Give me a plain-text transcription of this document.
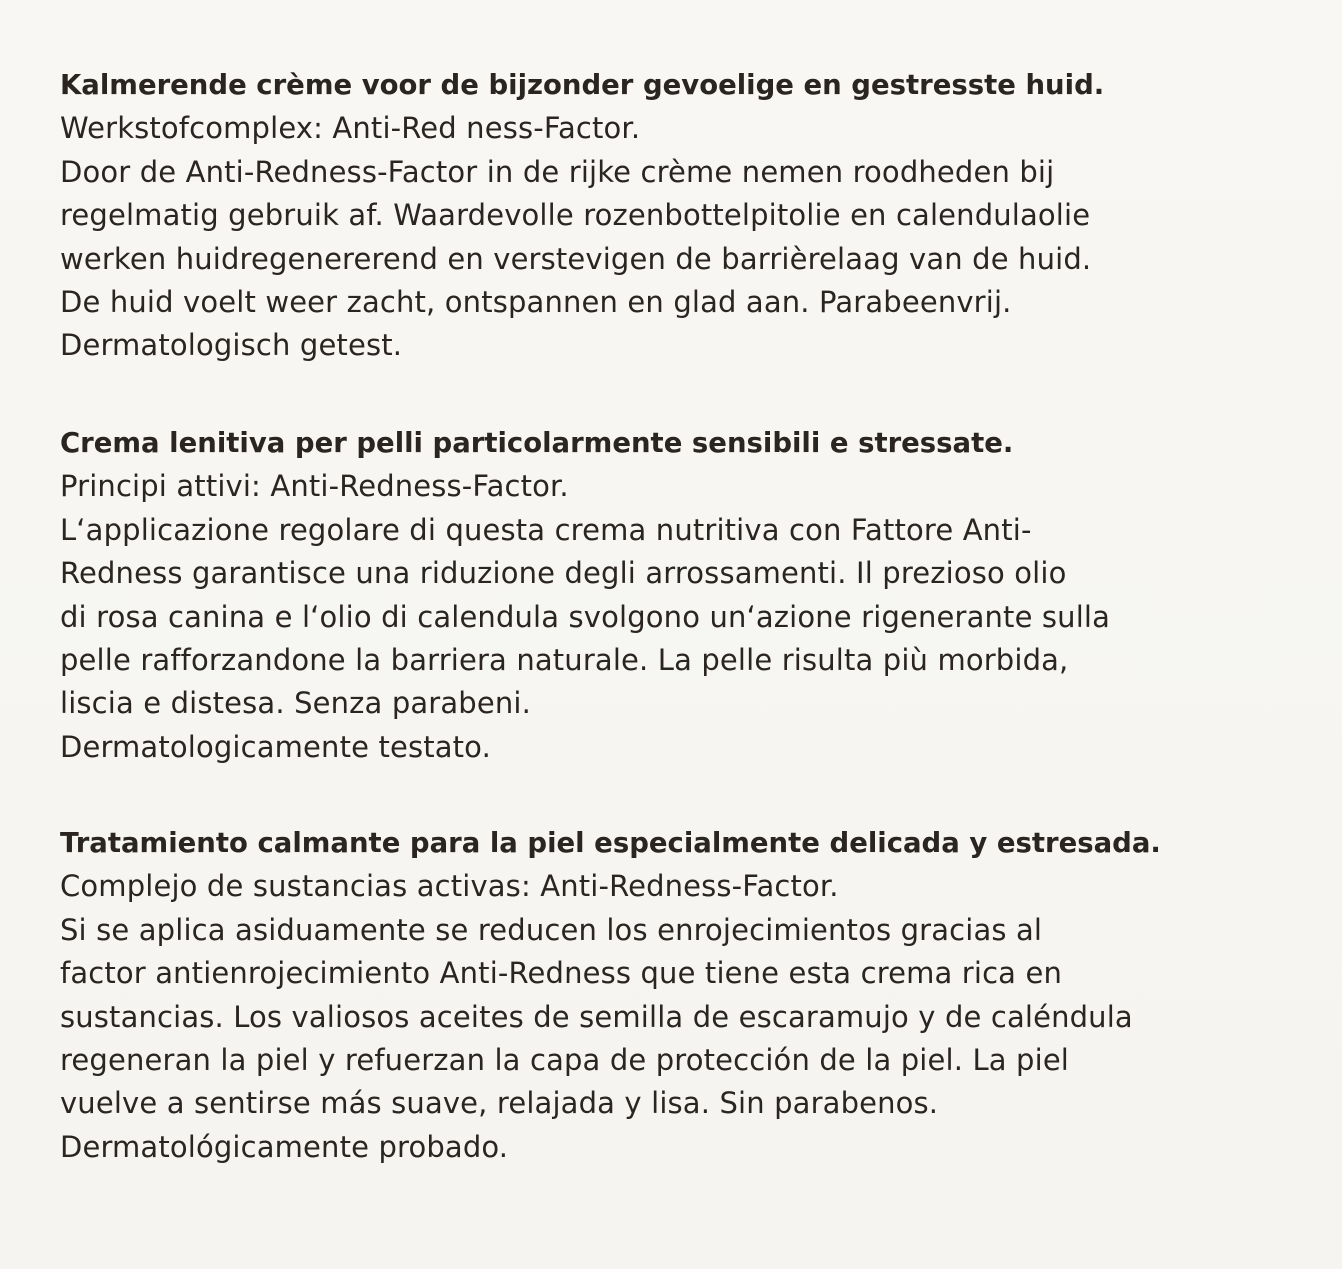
Kalmerende crème voor de bijzonder gevoelige en gestresste huid.
Werkstofcomplex: Anti-Red ness-Factor.
Door de Anti-Redness-Factor in de rijke crème nemen roodheden bij
regelmatig gebruik af. Waardevolle rozenbottelpitolie en calendulaolie
werken huidregenererend en verstevigen de barrièrelaag van de huid.
De huid voelt weer zacht, ontspannen en glad aan. Parabeenvrij.
Dermatologisch getest.
Crema lenitiva per pelli particolarmente sensibili e stressate.
Principi attivi: Anti-Redness-Factor.
L‘applicazione regolare di questa crema nutritiva con Fattore Anti-
Redness garantisce una riduzione degli arrossamenti. Il prezioso olio
di rosa canina e l‘olio di calendula svolgono un‘azione rigenerante sulla
pelle rafforzandone la barriera naturale. La pelle risulta più morbida,
liscia e distesa. Senza parabeni.
Dermatologicamente testato.
Tratamiento calmante para la piel especialmente delicada y estresada.
Complejo de sustancias activas: Anti-Redness-Factor.
Si se aplica asiduamente se reducen los enrojecimientos gracias al
factor antienrojecimiento Anti-Redness que tiene esta crema rica en
sustancias. Los valiosos aceites de semilla de escaramujo y de caléndula
regeneran la piel y refuerzan la capa de protección de la piel. La piel
vuelve a sentirse más suave, relajada y lisa. Sin parabenos.
Dermatológicamente probado.
